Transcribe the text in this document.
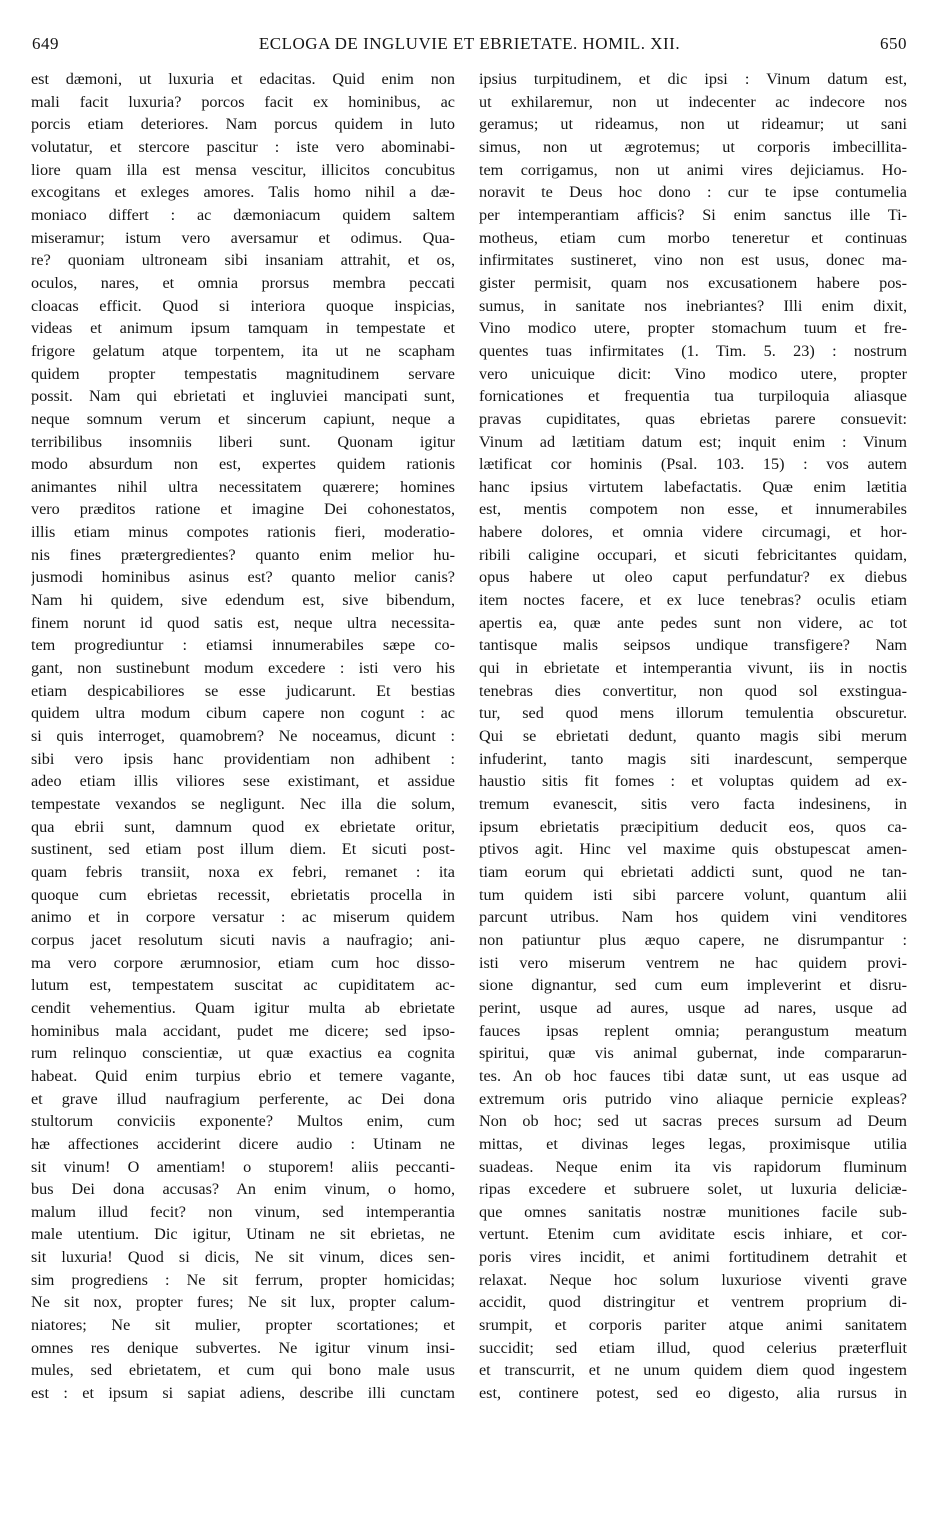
649	ECLOGA DE INGLUVIE ET EBRIETATE. HOMIL. XII.	650
est dæmoni, ut luxuria et edacitas. Quid enim non
mali facit luxuria? porcos facit ex hominibus, ac
porcis etiam deteriores. Nam porcus quidem in luto
volutatur, et stercore pascitur : iste vero abominabi-
liore quam illa est mensa vescitur, illicitos concubitus
excogitans et exleges amores. Talis homo nihil a dæ-
moniaco differt : ac dæmoniacum quidem saltem
miseramur; istum vero aversamur et odimus. Qua-
re? quoniam ultroneam sibi insaniam attrahit, et os,
oculos, nares, et omnia prorsus membra peccati
cloacas efficit. Quod si interiora quoque inspicias,
videas et animum ipsum tamquam in tempestate et
frigore gelatum atque torpentem, ita ut ne scapham
quidem propter tempestatis magnitudinem servare
possit. Nam qui ebrietati et ingluviei mancipati sunt,
neque somnum verum et sincerum capiunt, neque a
terribilibus insomniis liberi sunt. Quonam igitur
modo absurdum non est, expertes quidem rationis
animantes nihil ultra necessitatem quærere; homines
vero præditos ratione et imagine Dei cohonestatos,
illis etiam minus compotes rationis fieri, moderatio-
nis fines prætergredientes? quanto enim melior hu-
jusmodi hominibus asinus est? quanto melior canis?
Nam hi quidem, sive edendum est, sive bibendum,
finem norunt id quod satis est, neque ultra necessita-
tem progrediuntur : etiamsi innumerabiles sæpe co-
gant, non sustinebunt modum excedere : isti vero his
etiam despicabiliores se esse judicarunt. Et bestias
quidem ultra modum cibum capere non cogunt : ac
si quis interroget, quamobrem? Ne noceamus, dicunt :
sibi vero ipsis hanc providentiam non adhibent :
adeo etiam illis viliores sese existimant, et assidue
tempestate vexandos se negligunt. Nec illa die solum,
qua ebrii sunt, damnum quod ex ebrietate oritur,
sustinent, sed etiam post illum diem. Et sicuti post-
quam febris transiit, noxa ex febri, remanet : ita
quoque cum ebrietas recessit, ebrietatis procella in
animo et in corpore versatur : ac miserum quidem
corpus jacet resolutum sicuti navis a naufragio; ani-
ma vero corpore ærumnosior, etiam cum hoc disso-
lutum est, tempestatem suscitat ac cupiditatem ac-
cendit vehementius. Quam igitur multa ab ebrietate
hominibus mala accidant, pudet me dicere; sed ipso-
rum relinquo conscientiæ, ut quæ exactius ea cognita
habeat. Quid enim turpius ebrio et temere vagante,
et grave illud naufragium perferente, ac Dei dona
stultorum conviciis exponente? Multos enim, cum
hæ affectiones acciderint dicere audio : Utinam ne
sit vinum! O amentiam! o stuporem! aliis peccanti-
bus Dei dona accusas? An enim vinum, o homo,
malum illud fecit? non vinum, sed intemperantia
male utentium. Dic igitur, Utinam ne sit ebrietas, ne
sit luxuria! Quod si dicis, Ne sit vinum, dices sen-
sim progrediens : Ne sit ferrum, propter homicidas;
Ne sit nox, propter fures; Ne sit lux, propter calum-
niatores; Ne sit mulier, propter scortationes; et
omnes res denique subvertes. Ne igitur vinum insi-
mules, sed ebrietatem, et cum qui bono male usus
est : et ipsum si sapiat adiens, describe illi cunctam
ipsius turpitudinem, et dic ipsi : Vinum datum est,
ut exhilaremur, non ut indecenter ac indecore nos
geramus; ut rideamus, non ut rideamur; ut sani
simus, non ut ægrotemus; ut corporis imbecillita-
tem corrigamus, non ut animi vires dejiciamus. Ho-
noravit te Deus hoc dono : cur te ipse contumelia
per intemperantiam afficis? Si enim sanctus ille Ti-
motheus, etiam cum morbo teneretur et continuas
infirmitates sustineret, vino non est usus, donec ma-
gister permisit, quam nos excusationem habere pos-
sumus, in sanitate nos inebriantes? Illi enim dixit,
Vino modico utere, propter stomachum tuum et fre-
quentes tuas infirmitates (1. Tim. 5. 23) : nostrum
vero unicuique dicit: Vino modico utere, propter
fornicationes et frequentia tua turpiloquia aliasque
pravas cupiditates, quas ebrietas parere consuevit:
Vinum ad lætitiam datum est; inquit enim : Vinum
lætificat cor hominis (Psal. 103. 15) : vos autem
hanc ipsius virtutem labefactatis. Quæ enim lætitia
est, mentis compotem non esse, et innumerabiles
habere dolores, et omnia videre circumagi, et hor-
ribili caligine occupari, et sicuti febricitantes quidam,
opus habere ut oleo caput perfundatur? ex diebus
item noctes facere, et ex luce tenebras? oculis etiam
apertis ea, quæ ante pedes sunt non videre, ac tot
tantisque malis seipsos undique transfigere? Nam
qui in ebrietate et intemperantia vivunt, iis in noctis
tenebras dies convertitur, non quod sol exstingua-
tur, sed quod mens illorum temulentia obscuretur.
Qui se ebrietati dedunt, quanto magis sibi merum
infuderint, tanto magis siti inardescunt, semperque
haustio sitis fit fomes : et voluptas quidem ad ex-
tremum evanescit, sitis vero facta indesinens, in
ipsum ebrietatis præcipitium deducit eos, quos ca-
ptivos agit. Hinc vel maxime quis obstupescat amen-
tiam eorum qui ebrietati addicti sunt, quod ne tan-
tum quidem isti sibi parcere volunt, quantum alii
parcunt utribus. Nam hos quidem vini venditores
non patiuntur plus æquo capere, ne disrumpantur :
isti vero miserum ventrem ne hac quidem provi-
sione dignantur, sed cum eum impleverint et disru-
perint, usque ad aures, usque ad nares, usque ad
fauces ipsas replent omnia; perangustum meatum
spiritui, quæ vis animal gubernat, inde compararun-
tes. An ob hoc fauces tibi datæ sunt, ut eas usque ad
extremum oris putrido vino aliaque pernicie expleas?
Non ob hoc; sed ut sacras preces sursum ad Deum
mittas, et divinas leges legas, proximisque utilia
suadeas. Neque enim ita vis rapidorum fluminum
ripas excedere et subruere solet, ut luxuria deliciæ-
que omnes sanitatis nostræ munitiones facile sub-
vertunt. Etenim cum aviditate escis inhiare, et cor-
poris vires incidit, et animi fortitudinem detrahit et
relaxat. Neque hoc solum luxuriose viventi grave
accidit, quod distringitur et ventrem proprium di-
srumpit, et corporis pariter atque animi sanitatem
succidit; sed etiam illud, quod celerius præterfluit
et transcurrit, et ne unum quidem diem quod ingestem
est, continere potest, sed eo digesto, alia rursus in
